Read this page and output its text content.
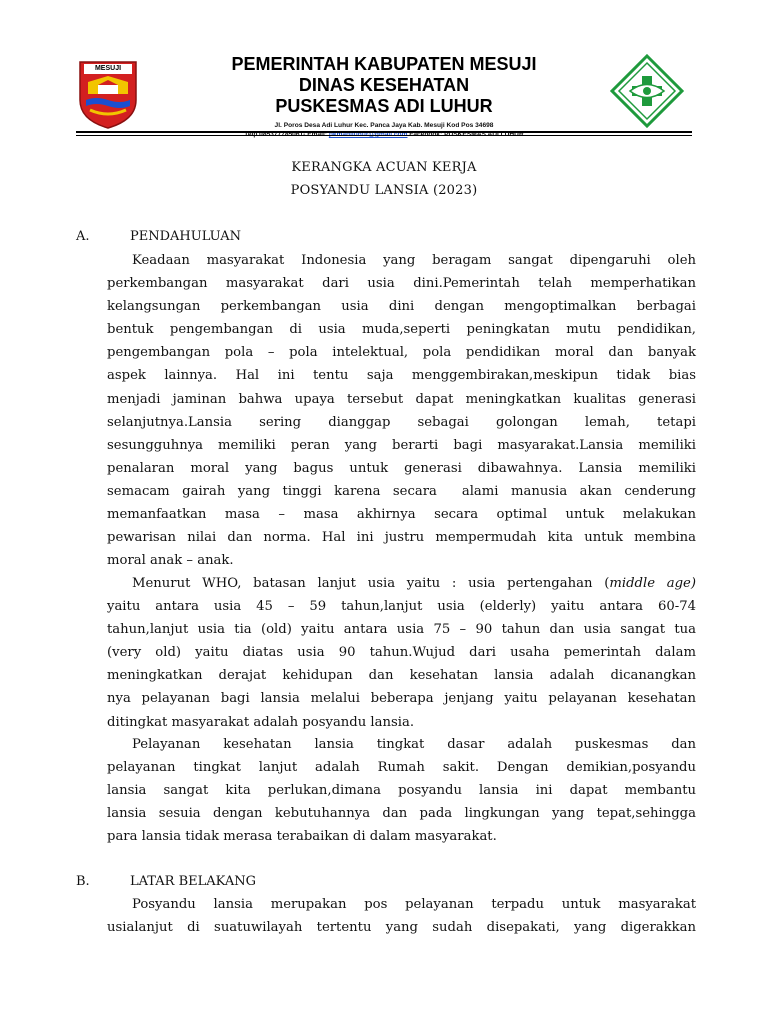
MESUJI	PEMERINTAH KABUPATEN MESUJI
DINAS KESEHATAN
PUSKESMAS ADI LUHUR
Jl. Poros Desa Adi Luhur Kec. Panca Jaya Kab. Mesuji Kod Pos 34698
KERANGKA ACUAN KERJA
POSYANDU LANSIA (2023)
A.	PENDAHULUAN
Keadaan masyarakat Indonesia yang beragam sangat dipengaruhi oleh
perkembangan masyarakat dari usia dini.Pemerintah telah memperhatikan
kelangsungan perkembangan usia dini dengan mengoptimalkan berbagai
bentuk pengembangan di usia muda,seperti peningkatan mutu pendidikan,
pengembangan pola – pola intelektual, pola pendidikan moral dan banyak
aspek lainnya. Hal ini tentu saja menggembirakan,meskipun tidak bias
menjadi jaminan bahwa upaya tersebut dapat meningkatkan kualitas generasi
selanjutnya.Lansia sering dianggap sebagai golongan lemah, tetapi
sesungguhnya memiliki peran yang berarti bagi masyarakat.Lansia memiliki
penalaran moral yang bagus untuk generasi dibawahnya. Lansia memiliki
semacam gairah yang tinggi karena secara  alami manusia akan cenderung
memanfaatkan masa – masa akhirnya secara optimal untuk melakukan
pewarisan nilai dan norma. Hal ini justru mempermudah kita untuk membina
moral anak – anak.
Menurut WHO, batasan lanjut usia yaitu : usia pertengahan (middle age)
yaitu antara usia 45 – 59 tahun,lanjut usia (elderly) yaitu antara 60-74
tahun,lanjut usia tia (old) yaitu antara usia 75 – 90 tahun dan usia sangat tua
(very old) yaitu diatas usia 90 tahun.Wujud dari usaha pemerintah dalam
meningkatkan derajat kehidupan dan kesehatan lansia adalah dicanangkan
nya pelayanan bagi lansia melalui beberapa jenjang yaitu pelayanan kesehatan
ditingkat masyarakat adalah posyandu lansia.
Pelayanan kesehatan lansia tingkat dasar adalah puskesmas dan
pelayanan tingkat lanjut adalah Rumah sakit. Dengan demikian,posyandu
lansia sangat kita perlukan,dimana posyandu lansia ini dapat membantu
lansia sesuia dengan kebutuhannya dan pada lingkungan yang tepat,sehingga
para lansia tidak merasa terabaikan di dalam masyarakat.
B.	LATAR BELAKANG
Posyandu lansia merupakan pos pelayanan terpadu untuk masyarakat
usialanjut di suatuwilayah tertentu yang sudah disepakati, yang digerakkan
